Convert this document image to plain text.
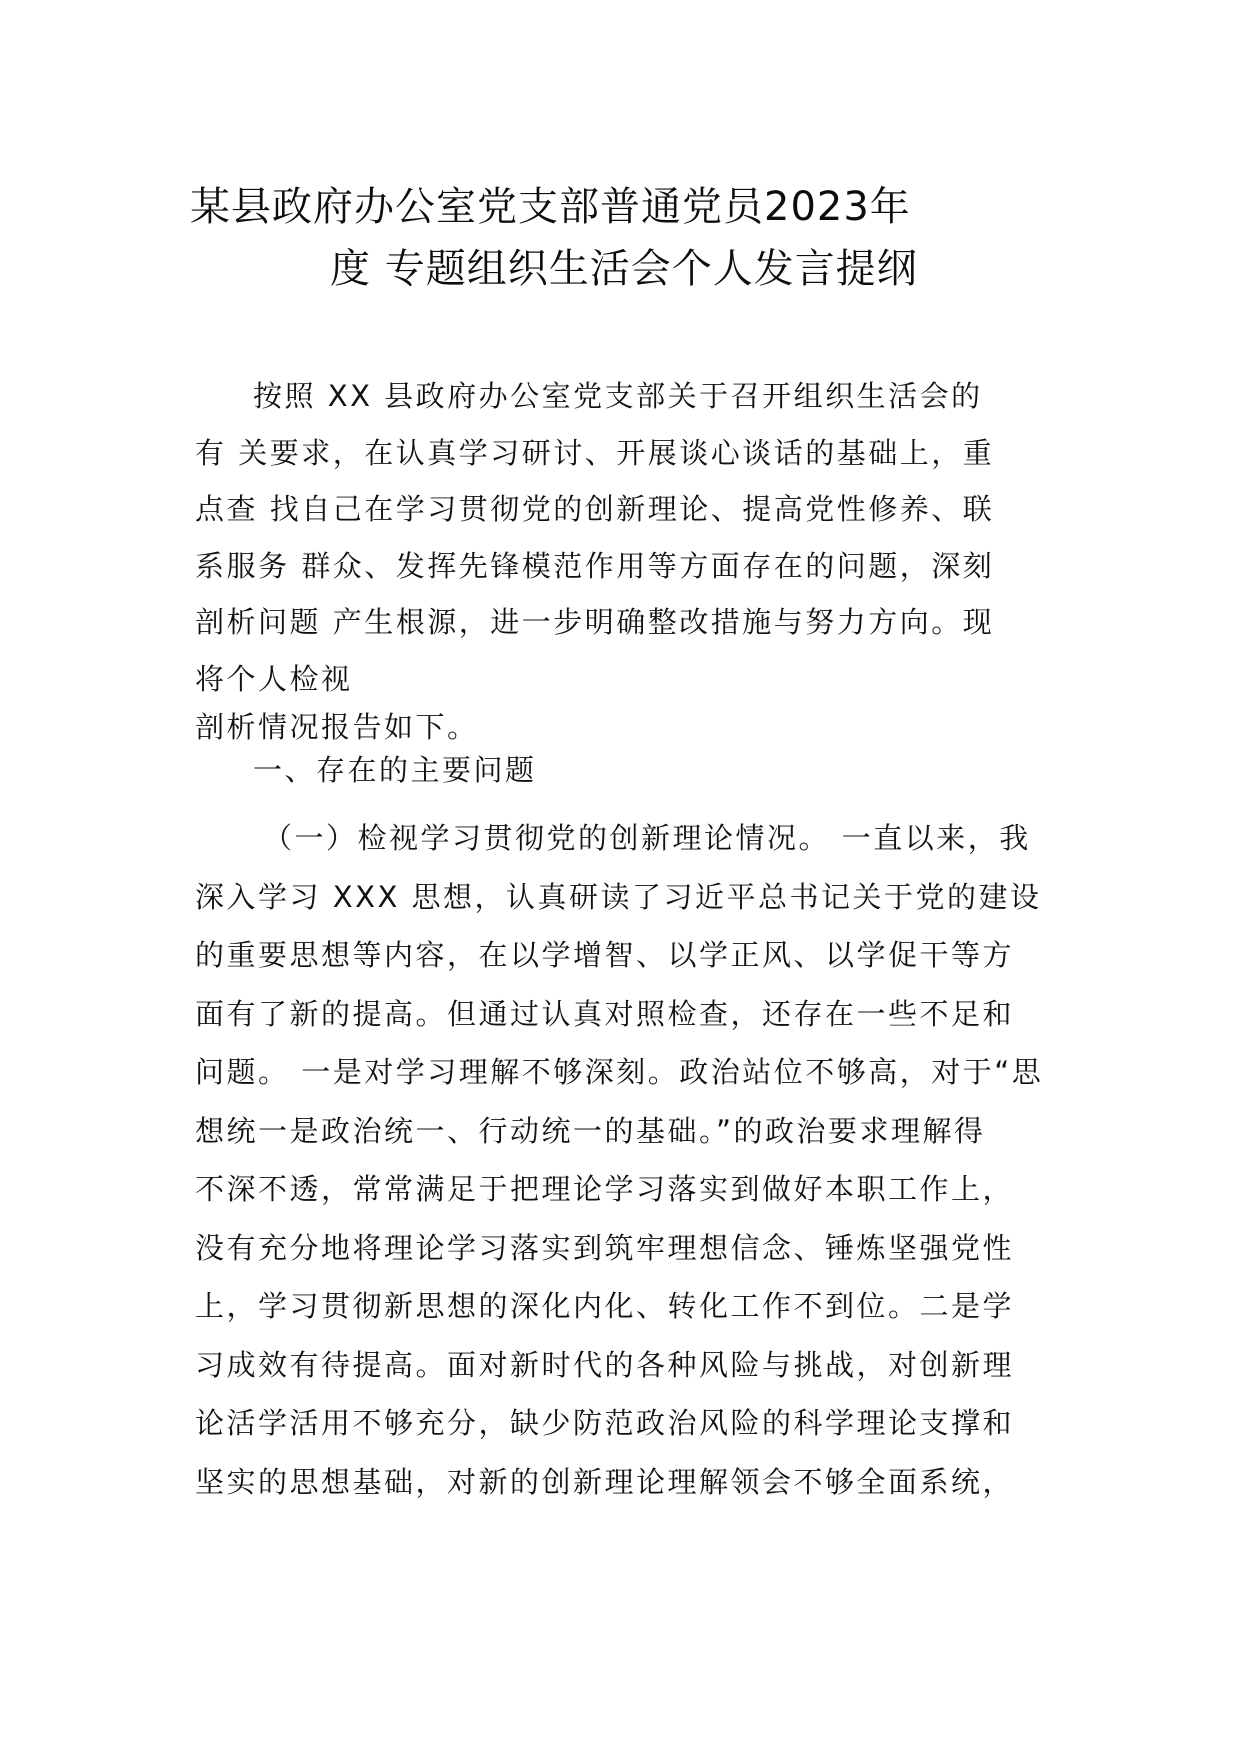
某县政府办公室党支部普通党员2023年
度 专题组织生活会个人发言提纲
按照 XX 县政府办公室党支部关于召开组织生活会的
有 关要求，在认真学习研讨、开展谈心谈话的基础上，重
点查 找自己在学习贯彻党的创新理论、提高党性修养、联
系服务 群众、发挥先锋模范作用等方面存在的问题，深刻
剖析问题 产生根源，进一步明确整改措施与努力方向。现
将个人检视
剖析情况报告如下。
一、存在的主要问题
（一）检视学习贯彻党的创新理论情况。 一直以来，我
深入学习 XXX 思想，认真研读了习近平总书记关于党的建设
的重要思想等内容，在以学增智、以学正风、以学促干等方
面有了新的提高。但通过认真对照检查，还存在一些不足和
问题。 一是对学习理解不够深刻。政治站位不够高，对于“思
想统一是政治统一、行动统一的基础。”的政治要求理解得
不深不透，常常满足于把理论学习落实到做好本职工作上，
没有充分地将理论学习落实到筑牢理想信念、锤炼坚强党性
上，学习贯彻新思想的深化内化、转化工作不到位。二是学
习成效有待提高。面对新时代的各种风险与挑战，对创新理
论活学活用不够充分，缺少防范政治风险的科学理论支撑和
坚实的思想基础，对新的创新理论理解领会不够全面系统，
